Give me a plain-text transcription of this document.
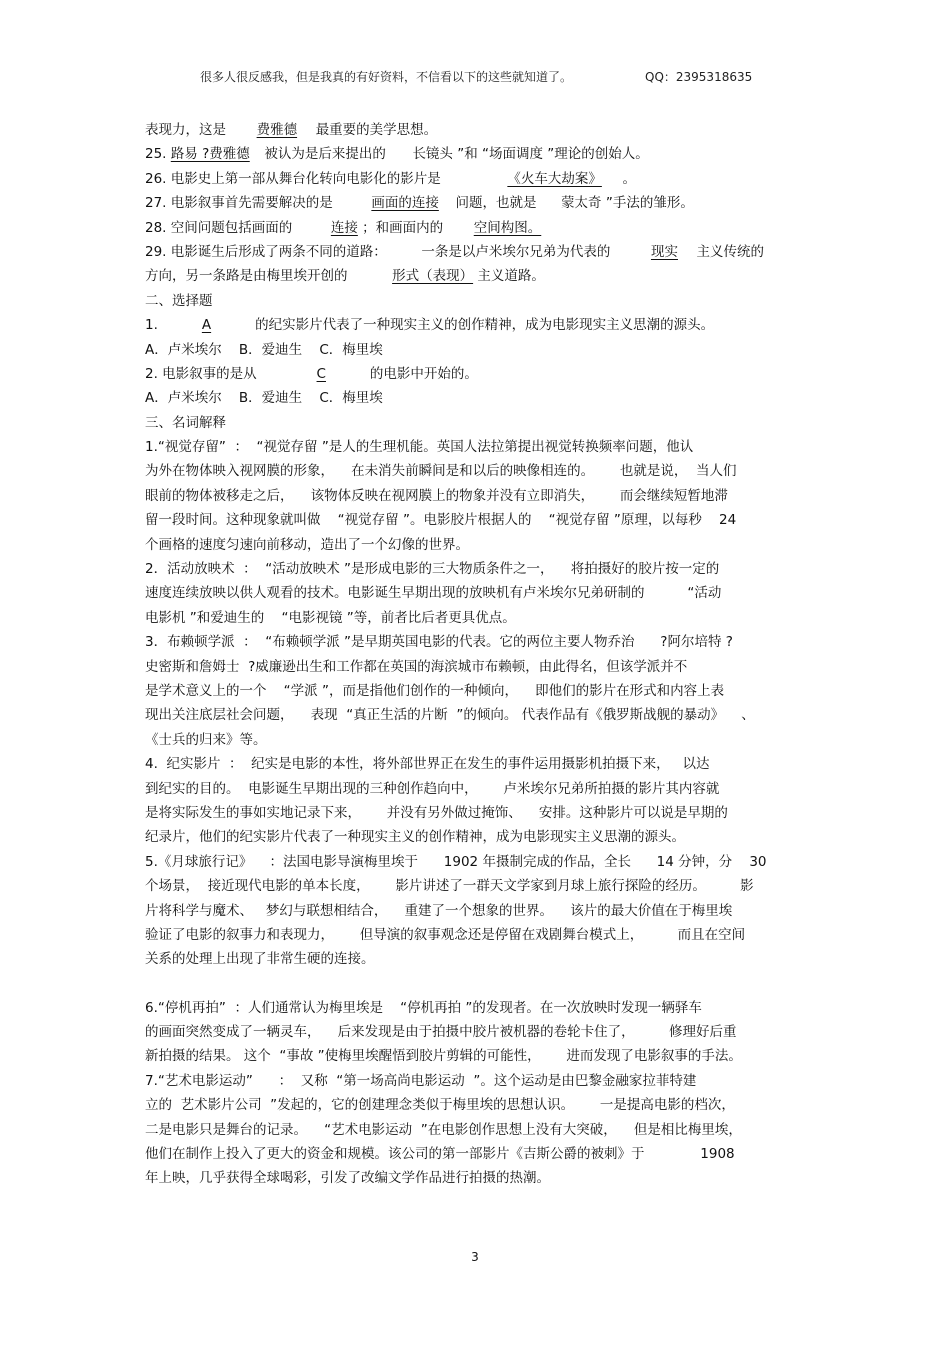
很多人很反感我，但是我真的有好资料，不信看以下的这些就知道了。	QQ：2395318635
表现力，这是 费雅德 最重要的美学思想。
25. 路易 ?费雅德 被认为是后来提出的 长镜头 ”和 “场面调度 ”理论的创始人。
26. 电影史上第一部从舞台化转向电影化的影片是	《火车大劫案》 。
27. 电影叙事首先需要解决的是	画面的连接 问题，也就是 蒙太奇 ”手法的雏形。
28. 空间问题包括画面的	连接 ；和画面内的 空间构图。
29. 电影诞生后形成了两条不同的道路：	一条是以卢米埃尔兄弟为代表的	现实 主义传统的
方向，另一条路是由梅里埃开创的	形式（表现） 主义道路。
二、选择题
1.	A	的纪实影片代表了一种现实主义的创作精神，成为电影现实主义思潮的源头。
A．卢米埃尔    B．爱迪生    C．梅里埃
2. 电影叙事的是从	C	的电影中开始的。
A．卢米埃尔    B．爱迪生    C．梅里埃
三、名词解释
1.“视觉存留”  ：  “视觉存留 ”是人的生理机能。英国人法拉第提出视觉转换频率问题，他认
为外在物体映入视网膜的形象，    在未消失前瞬间是和以后的映像相连的。      也就是说，  当人们
眼前的物体被移走之后，    该物体反映在视网膜上的物象并没有立即消失，      而会继续短暂地滞
留一段时间。这种现象就叫做    “视觉存留 ”。电影胶片根据人的    “视觉存留 ”原理，以每秒    24
个画格的速度匀速向前移动，造出了一个幻像的世界。
2．活动放映术  ：  “活动放映术 ”是形成电影的三大物质条件之一，    将拍摄好的胶片按一定的
速度连续放映以供人观看的技术。电影诞生早期出现的放映机有卢米埃尔兄弟研制的          “活动
电影机 ”和爱迪生的    “电影视镜 ”等，前者比后者更具优点。
3．布赖顿学派  ：  “布赖顿学派 ”是早期英国电影的代表。它的两位主要人物乔治      ?阿尔培特 ?
史密斯和詹姆士  ?威廉逊出生和工作都在英国的海滨城市布赖顿，由此得名，但该学派并不
是学术意义上的一个    “学派 ”，而是指他们创作的一种倾向，    即他们的影片在形式和内容上表
现出关注底层社会问题，    表现  “真正生活的片断  ”的倾向。 代表作品有《俄罗斯战舰的暴动》    、
《士兵的归来》等。
4.  纪实影片  ：  纪实是电影的本性，将外部世界正在发生的事件运用摄影机拍摄下来，   以达
到纪实的目的。  电影诞生早期出现的三种创作趋向中，      卢米埃尔兄弟所拍摄的影片其内容就
是将实际发生的事如实地记录下来，      并没有另外做过掩饰、    安排。这种影片可以说是早期的
纪录片，他们的纪实影片代表了一种现实主义的创作精神，成为电影现实主义思潮的源头。
5.《月球旅行记》    ：法国电影导演梅里埃于      1902 年摄制完成的作品，全长      14 分钟，分    30
个场景，  接近现代电影的单本长度，      影片讲述了一群天文学家到月球上旅行探险的经历。        影
片将科学与魔术、   梦幻与联想相结合，    重建了一个想象的世界。    该片的最大价值在于梅里埃
验证了电影的叙事力和表现力，      但导演的叙事观念还是停留在戏剧舞台模式上，        而且在空间
关系的处理上出现了非常生硬的连接。
6.“停机再拍”  ：人们通常认为梅里埃是    “停机再拍 ”的发现者。在一次放映时发现一辆驿车
的画面突然变成了一辆灵车，    后来发现是由于拍摄中胶片被机器的卷轮卡住了，        修理好后重
新拍摄的结果。 这个  “事故 ”使梅里埃醒悟到胶片剪辑的可能性，      进而发现了电影叙事的手法。
7.“艺术电影运动”      ：  又称  “第一场高尚电影运动  ”。这个运动是由巴黎金融家拉菲特建
立的  艺术影片公司  ”发起的，它的创建理念类似于梅里埃的思想认识。      一是提高电影的档次，
二是电影只是舞台的记录。    “艺术电影运动  ”在电影创作思想上没有大突破，    但是相比梅里埃，
他们在制作上投入了更大的资金和规模。该公司的第一部影片《吉斯公爵的被刺》于             1908
年上映，几乎获得全球喝彩，引发了改编文学作品进行拍摄的热潮。
3
